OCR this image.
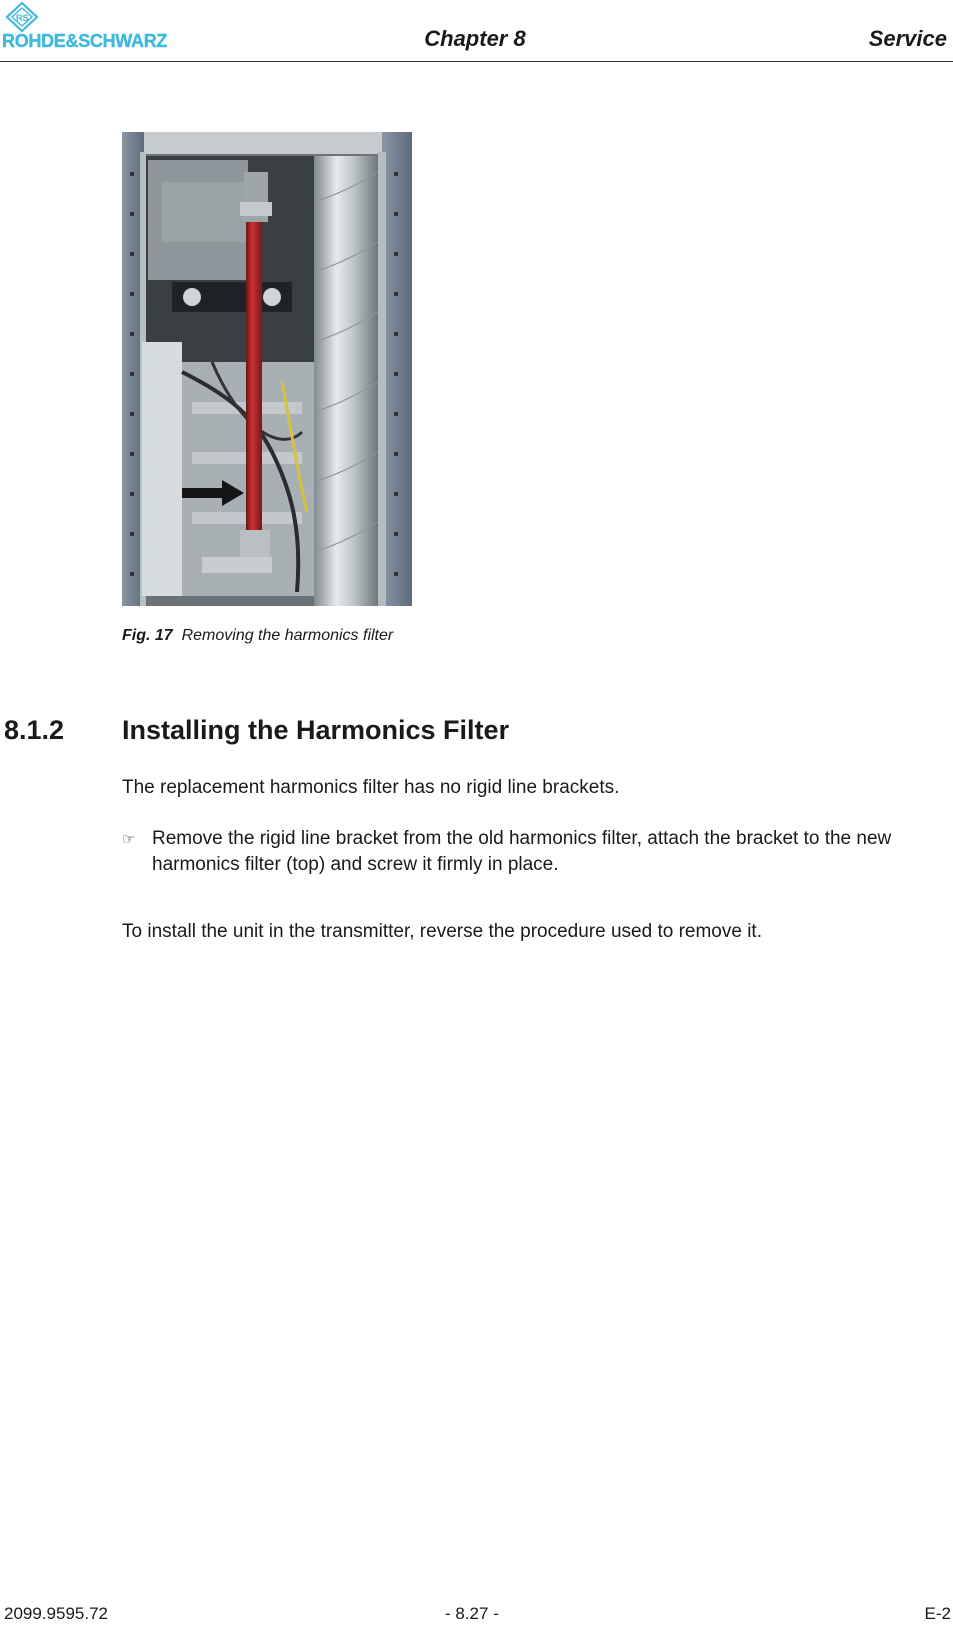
RS
ROHDE&SCHWARZ	Chapter 8	Service
Fig. 17 Removing the harmonics filter
8.1.2 Installing the Harmonics Filter
The replacement harmonics filter has no rigid line brackets.
☞ Remove the rigid line bracket from the old harmonics filter, attach the bracket to the new harmonics filter (top) and screw it firmly in place.
To install the unit in the transmitter, reverse the procedure used to remove it.
2099.9595.72	- 8.27 -	E-2
